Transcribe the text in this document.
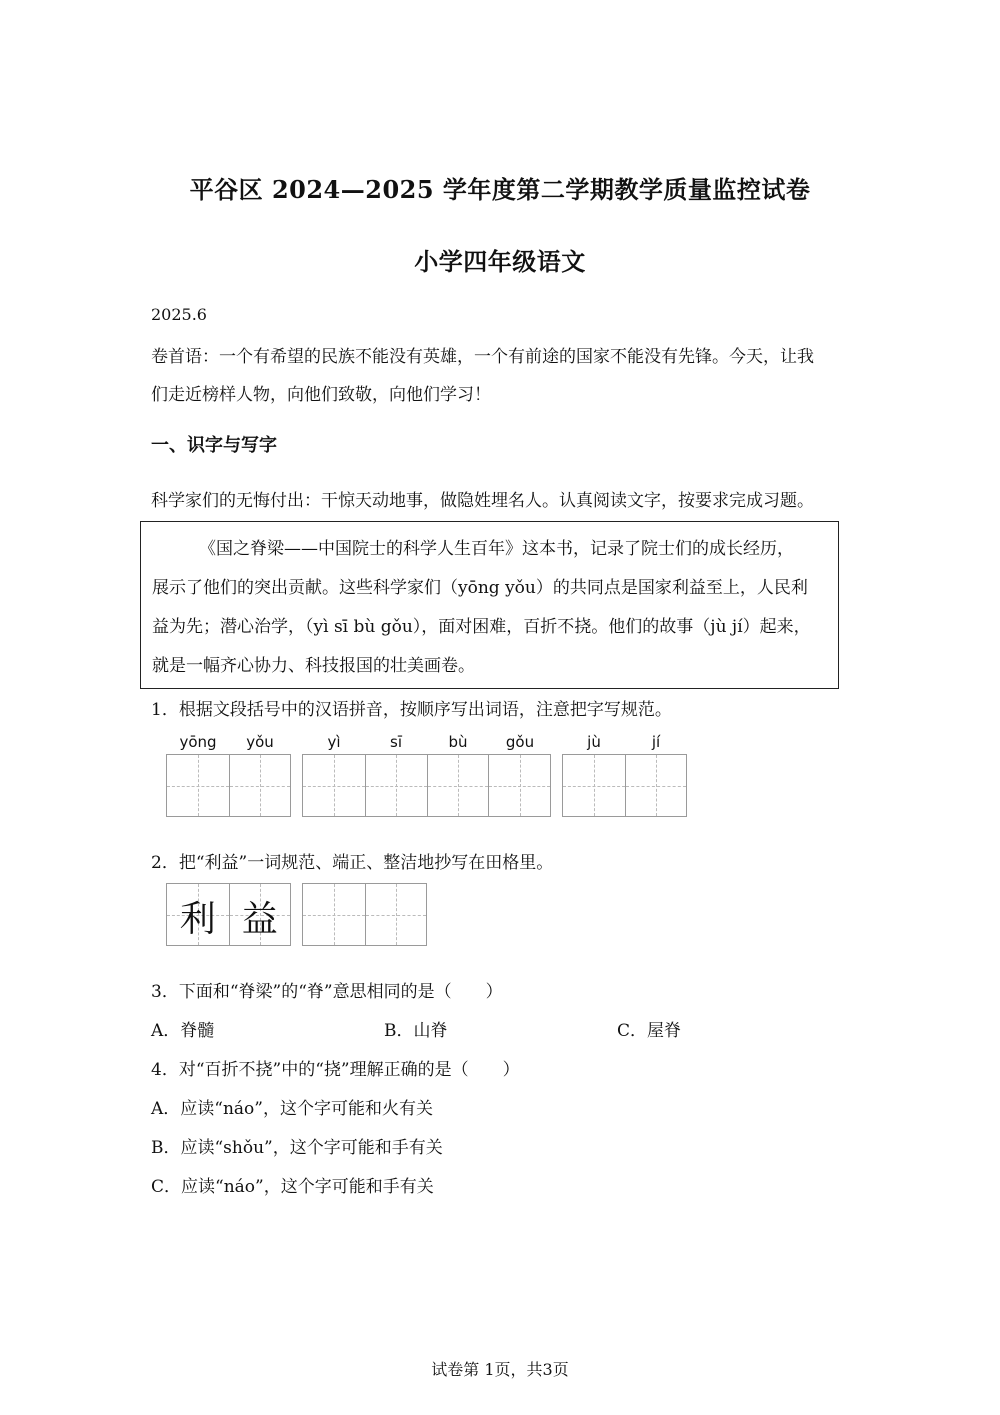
平谷区 2024—2025 学年度第二学期教学质量监控试卷
小学四年级语文
2025.6
卷首语：一个有希望的民族不能没有英雄，一个有前途的国家不能没有先锋。今天，让我
们走近榜样人物，向他们致敬，向他们学习！
一、识字与写字
科学家们的无悔付出：干惊天动地事，做隐姓埋名人。认真阅读文字，按要求完成习题。
《国之脊梁——中国院士的科学人生百年》这本书，记录了院士们的成长经历，
展示了他们的突出贡献。这些科学家们（yōng yǒu）的共同点是国家利益至上，人民利
益为先；潜心治学，（yì sī bù gǒu），面对困难，百折不挠。他们的故事（jù jí）起来，
就是一幅齐心协力、科技报国的壮美画卷。
1．根据文段括号中的汉语拼音，按顺序写出词语，注意把字写规范。
yōng	yǒu	yì	sī	bù	gǒu	jù	jí
2．把“利益”一词规范、端正、整洁地抄写在田格里。
利 益
3．下面和“脊梁”的“脊”意思相同的是（　　）
A．脊髓	B．山脊	C．屋脊
4．对“百折不挠”中的“挠”理解正确的是（　　）
A．应读“náo”，这个字可能和火有关
B．应读“shǒu”，这个字可能和手有关
C．应读“náo”，这个字可能和手有关
试卷第 1页，共3页
